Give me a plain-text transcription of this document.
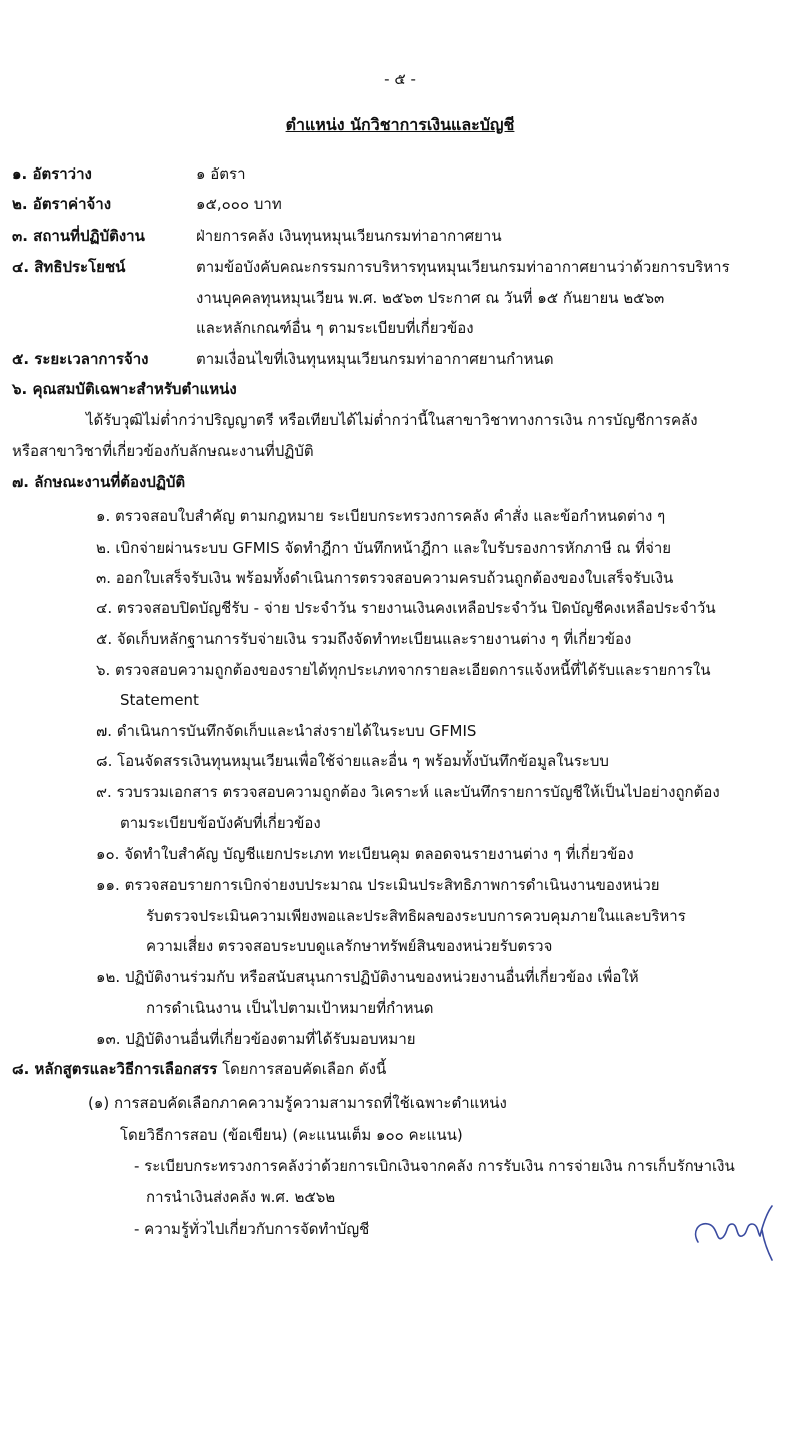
- ๕ -
ตำแหน่ง นักวิชาการเงินและบัญชี
๑. อัตราว่าง	๑ อัตรา
๒. อัตราค่าจ้าง	๑๕,๐๐๐ บาท
๓. สถานที่ปฏิบัติงาน	ฝ่ายการคลัง เงินทุนหมุนเวียนกรมท่าอากาศยาน
๔. สิทธิประโยชน์	ตามข้อบังคับคณะกรรมการบริหารทุนหมุนเวียนกรมท่าอากาศยานว่าด้วยการบริหาร
งานบุคคลทุนหมุนเวียน พ.ศ. ๒๕๖๓ ประกาศ ณ วันที่ ๑๕ กันยายน ๒๕๖๓
และหลักเกณฑ์อื่น ๆ ตามระเบียบที่เกี่ยวข้อง
๕. ระยะเวลาการจ้าง	ตามเงื่อนไขที่เงินทุนหมุนเวียนกรมท่าอากาศยานกำหนด
๖. คุณสมบัติเฉพาะสำหรับตำแหน่ง
ได้รับวุฒิไม่ต่ำกว่าปริญญาตรี หรือเทียบได้ไม่ต่ำกว่านี้ในสาขาวิชาทางการเงิน การบัญชีการคลัง
หรือสาขาวิชาที่เกี่ยวข้องกับลักษณะงานที่ปฏิบัติ
๗. ลักษณะงานที่ต้องปฏิบัติ
๑. ตรวจสอบใบสำคัญ ตามกฎหมาย ระเบียบกระทรวงการคลัง คำสั่ง และข้อกำหนดต่าง ๆ
๒. เบิกจ่ายผ่านระบบ GFMIS จัดทำฎีกา บันทึกหน้าฎีกา และใบรับรองการหักภาษี ณ ที่จ่าย
๓. ออกใบเสร็จรับเงิน พร้อมทั้งดำเนินการตรวจสอบความครบถ้วนถูกต้องของใบเสร็จรับเงิน
๔. ตรวจสอบปิดบัญชีรับ - จ่าย ประจำวัน รายงานเงินคงเหลือประจำวัน ปิดบัญชีคงเหลือประจำวัน
๕. จัดเก็บหลักฐานการรับจ่ายเงิน รวมถึงจัดทำทะเบียนและรายงานต่าง ๆ ที่เกี่ยวข้อง
๖. ตรวจสอบความถูกต้องของรายได้ทุกประเภทจากรายละเอียดการแจ้งหนี้ที่ได้รับและรายการใน
Statement
๗. ดำเนินการบันทึกจัดเก็บและนำส่งรายได้ในระบบ GFMIS
๘. โอนจัดสรรเงินทุนหมุนเวียนเพื่อใช้จ่ายและอื่น ๆ พร้อมทั้งบันทึกข้อมูลในระบบ
๙. รวบรวมเอกสาร ตรวจสอบความถูกต้อง วิเคราะห์ และบันทึกรายการบัญชีให้เป็นไปอย่างถูกต้อง
ตามระเบียบข้อบังคับที่เกี่ยวข้อง
๑๐. จัดทำใบสำคัญ บัญชีแยกประเภท ทะเบียนคุม ตลอดจนรายงานต่าง ๆ ที่เกี่ยวข้อง
๑๑. ตรวจสอบรายการเบิกจ่ายงบประมาณ ประเมินประสิทธิภาพการดำเนินงานของหน่วย
รับตรวจประเมินความเพียงพอและประสิทธิผลของระบบการควบคุมภายในและบริหาร
ความเสี่ยง ตรวจสอบระบบดูแลรักษาทรัพย์สินของหน่วยรับตรวจ
๑๒. ปฏิบัติงานร่วมกับ หรือสนับสนุนการปฏิบัติงานของหน่วยงานอื่นที่เกี่ยวข้อง เพื่อให้
การดำเนินงาน เป็นไปตามเป้าหมายที่กำหนด
๑๓. ปฏิบัติงานอื่นที่เกี่ยวข้องตามที่ได้รับมอบหมาย
๘. หลักสูตรและวิธีการเลือกสรร โดยการสอบคัดเลือก ดังนี้
(๑) การสอบคัดเลือกภาคความรู้ความสามารถที่ใช้เฉพาะตำแหน่ง
โดยวิธีการสอบ (ข้อเขียน) (คะแนนเต็ม ๑๐๐ คะแนน)
- ระเบียบกระทรวงการคลังว่าด้วยการเบิกเงินจากคลัง การรับเงิน การจ่ายเงิน การเก็บรักษาเงิน
การนำเงินส่งคลัง พ.ศ. ๒๕๖๒
- ความรู้ทั่วไปเกี่ยวกับการจัดทำบัญชี
